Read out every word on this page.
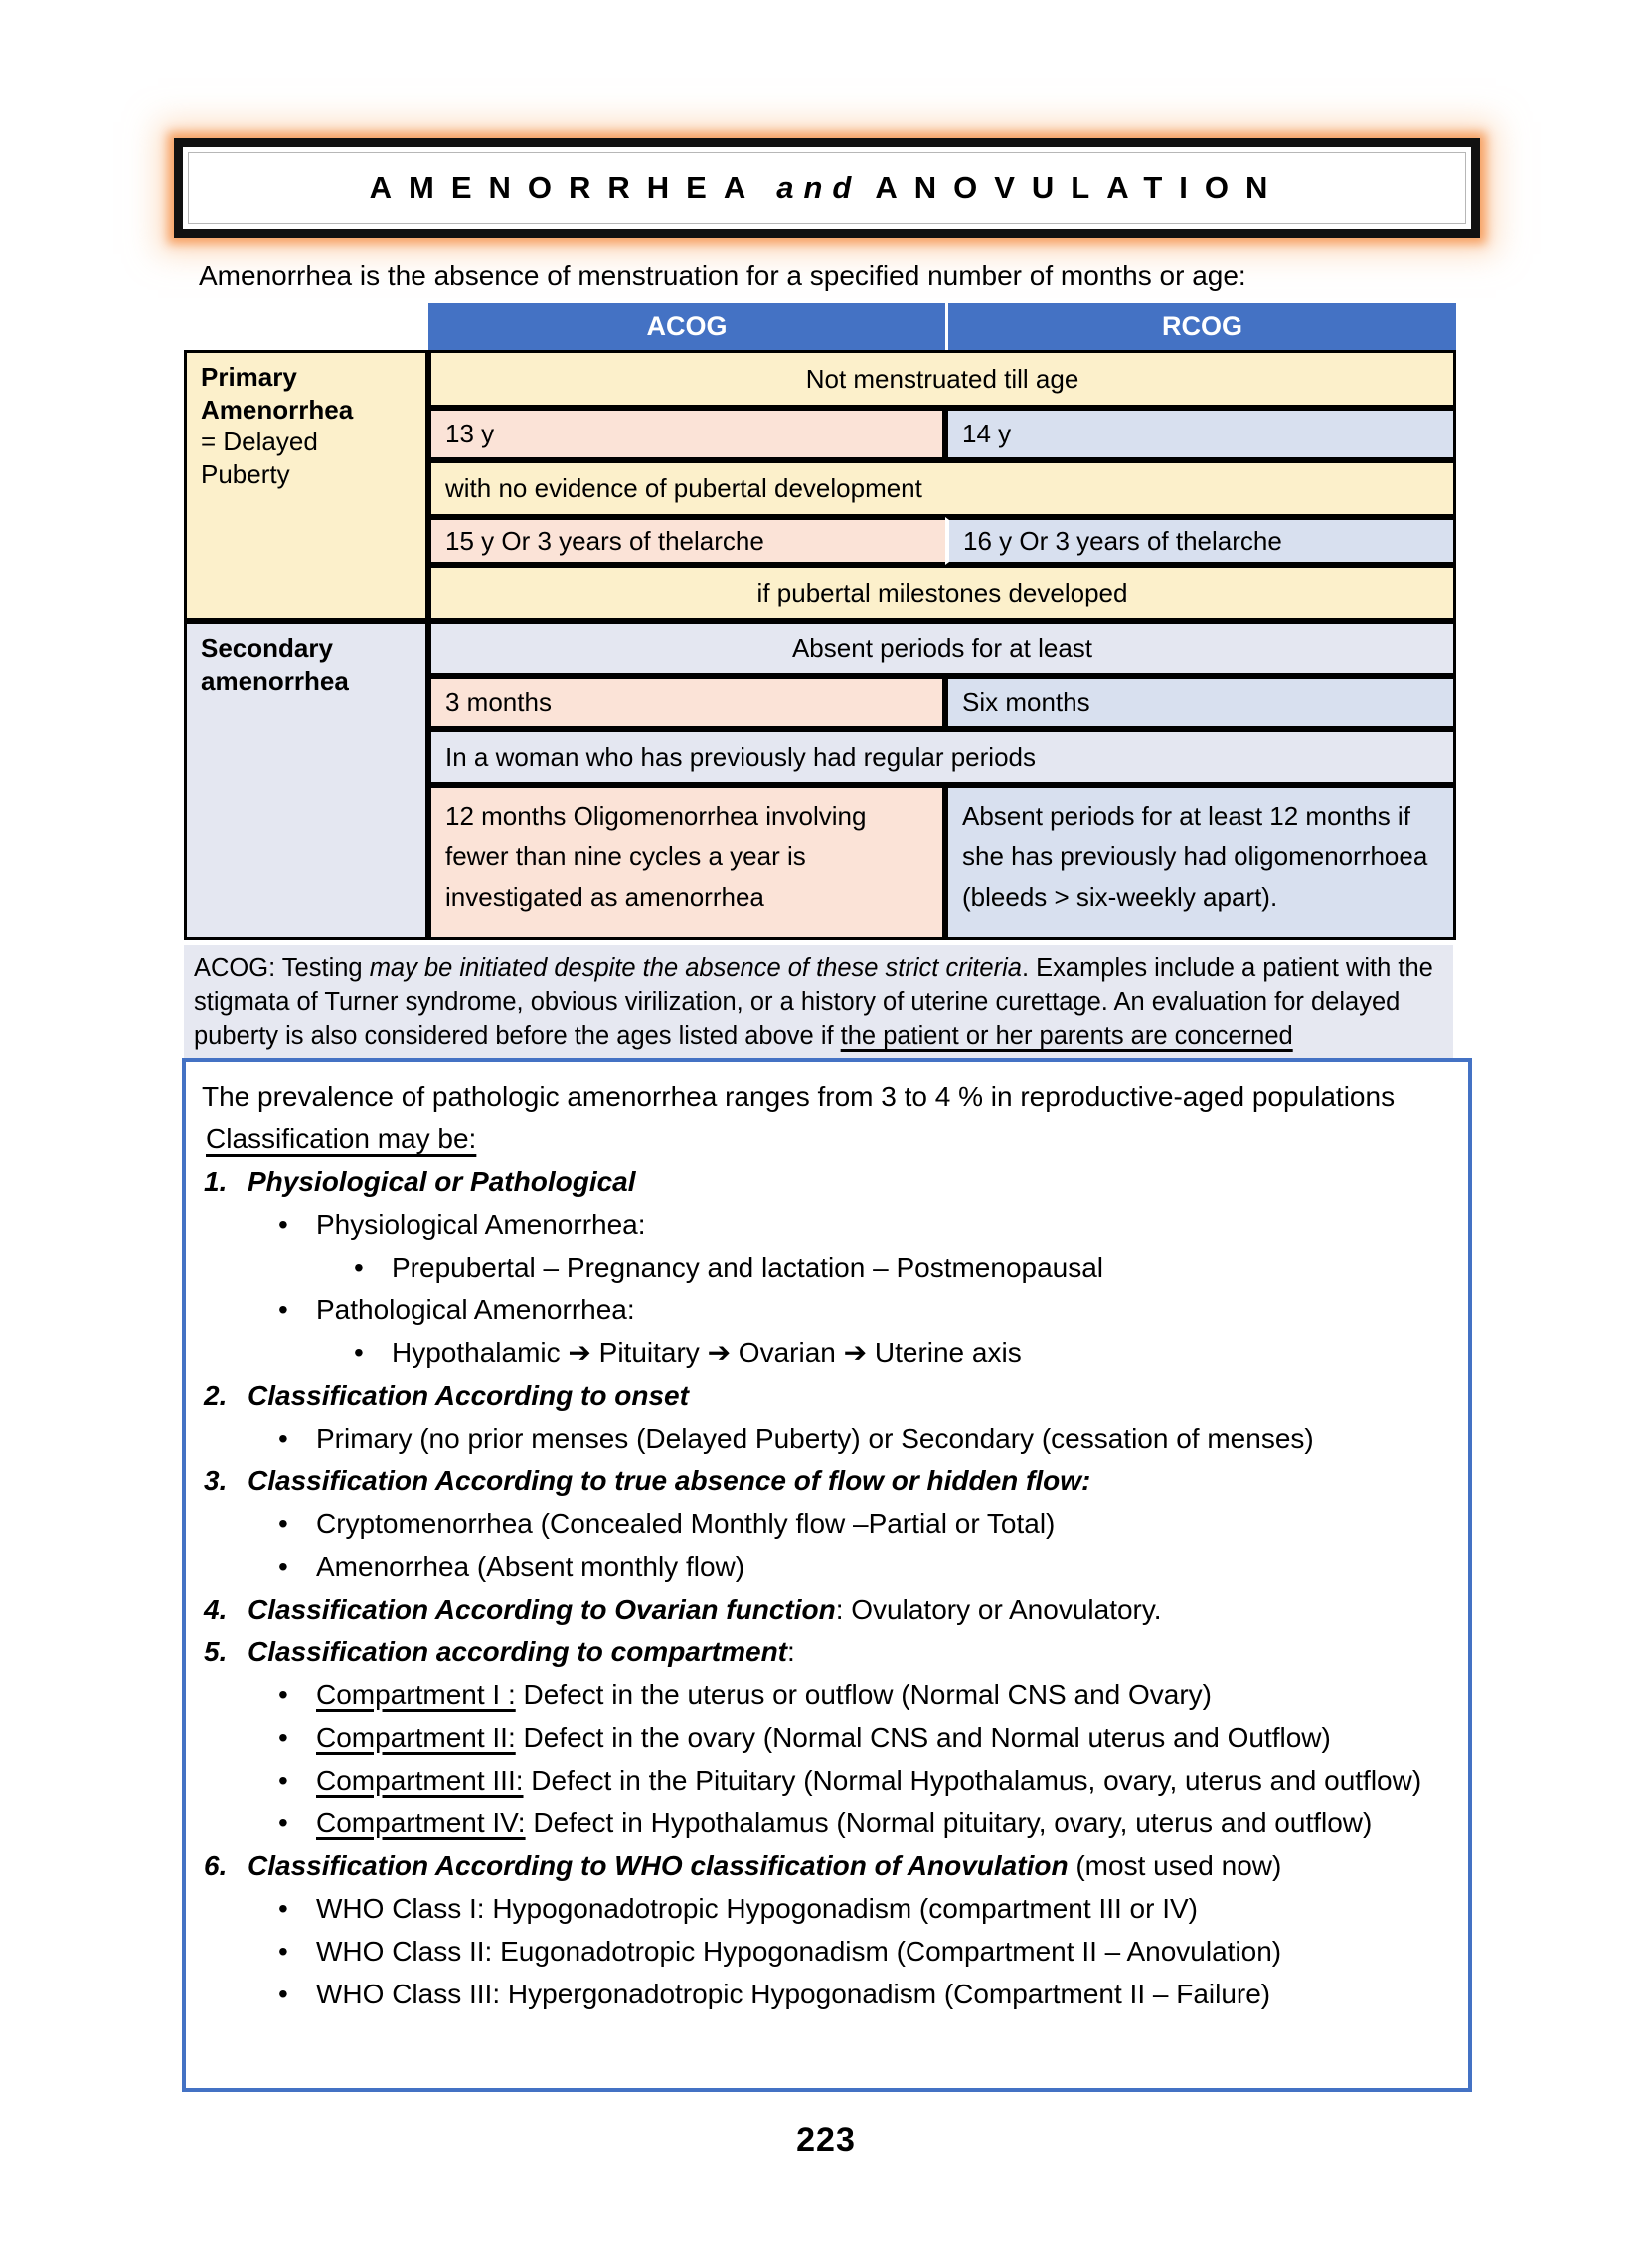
AMENORRHEA and ANOVULATION
Amenorrhea is the absence of menstruation for a specified number of months or age:
ACOG	RCOG
Primary Amenorrhea
= Delayed Puberty
Not menstruated till age
13 y	14 y
with no evidence of pubertal development
15 y Or 3 years of thelarche	16 y Or 3 years of thelarche
if pubertal milestones developed
Secondary amenorrhea
Absent periods for at least
3 months	Six months
In a woman who has previously had regular periods
12 months Oligomenorrhea involving fewer than nine cycles a year is investigated as amenorrhea
Absent periods for at least 12 months if she has previously had oligomenorrhoea (bleeds > six-weekly apart).
ACOG: Testing may be initiated despite the absence of these strict criteria. Examples include a patient with the stigmata of Turner syndrome, obvious virilization, or a history of uterine curettage. An evaluation for delayed puberty is also considered before the ages listed above if the patient or her parents are concerned
The prevalence of pathologic amenorrhea ranges from 3 to 4 % in reproductive-aged populations
Classification may be:
1. Physiological or Pathological
•	Physiological Amenorrhea:
•	Prepubertal – Pregnancy and lactation – Postmenopausal
•	Pathological Amenorrhea:
•	Hypothalamic ➔ Pituitary ➔ Ovarian ➔ Uterine axis
2. Classification According to onset
•	Primary (no prior menses (Delayed Puberty) or Secondary (cessation of menses)
3. Classification According to true absence of flow or hidden flow:
•	Cryptomenorrhea (Concealed Monthly flow –Partial or Total)
•	Amenorrhea (Absent monthly flow)
4. Classification According to Ovarian function: Ovulatory or Anovulatory.
5. Classification according to compartment:
•	Compartment I : Defect in the uterus or outflow (Normal CNS and Ovary)
•	Compartment II: Defect in the ovary (Normal CNS and Normal uterus and Outflow)
•	Compartment III: Defect in the Pituitary (Normal Hypothalamus, ovary, uterus and outflow)
•	Compartment IV: Defect in Hypothalamus (Normal pituitary, ovary, uterus and outflow)
6. Classification According to WHO classification of Anovulation (most used now)
•	WHO Class I: Hypogonadotropic Hypogonadism (compartment III or IV)
•	WHO Class II: Eugonadotropic Hypogonadism (Compartment II – Anovulation)
•	WHO Class III: Hypergonadotropic Hypogonadism (Compartment II – Failure)
223
